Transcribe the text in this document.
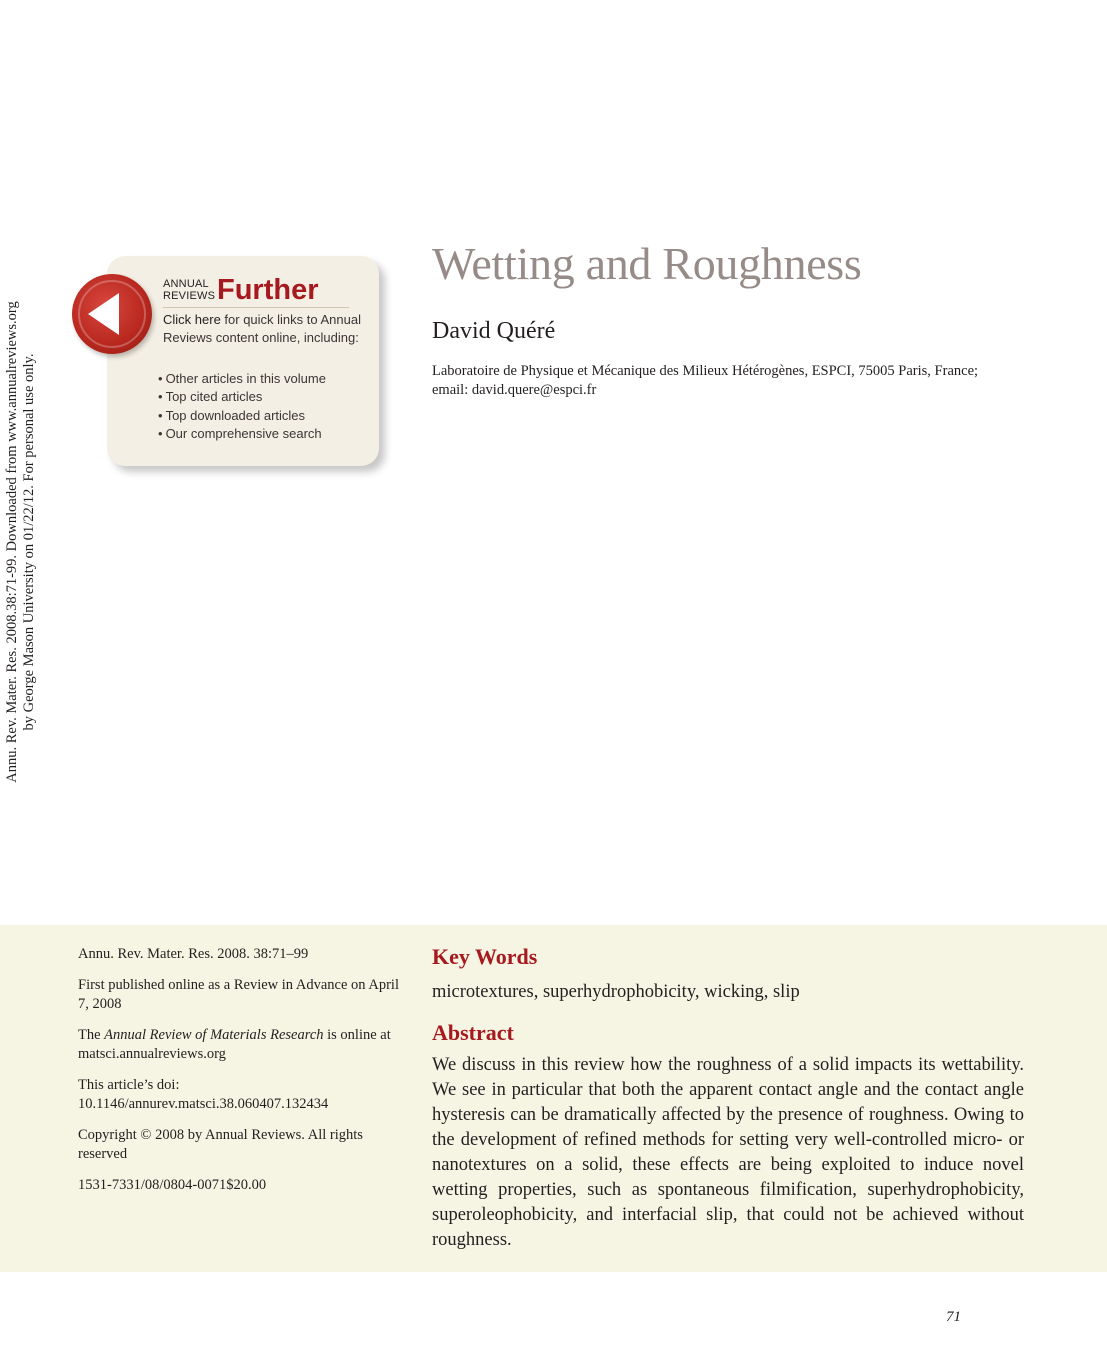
Annu. Rev. Mater. Res. 2008.38:71-99. Downloaded from www.annualreviews.org by George Mason University on 01/22/12. For personal use only.
ANNUAL
REVIEWS Further
Click here for quick links to Annual Reviews content online, including:
• Other articles in this volume
• Top cited articles
• Top downloaded articles
• Our comprehensive search
Wetting and Roughness
David Quéré
Laboratoire de Physique et Mécanique des Milieux Hétérogènes, ESPCI, 75005 Paris, France; email: david.quere@espci.fr

Annu. Rev. Mater. Res. 2008. 38:71–99

First published online as a Review in Advance on April 7, 2008

The Annual Review of Materials Research is online at matsci.annualreviews.org

This article’s doi: 10.1146/annurev.matsci.38.060407.132434

Copyright © 2008 by Annual Reviews. All rights reserved

1531-7331/08/0804-0071$20.00

Key Words
microtextures, superhydrophobicity, wicking, slip
Abstract
We discuss in this review how the roughness of a solid impacts its wettability. We see in particular that both the apparent contact angle and the contact angle hysteresis can be dramatically affected by the presence of roughness. Owing to the development of refined methods for setting very well-controlled micro- or nanotextures on a solid, these effects are being exploited to induce novel wetting properties, such as spontaneous filmification, superhydrophobicity, superoleophobicity, and interfacial slip, that could not be achieved without roughness.
71
